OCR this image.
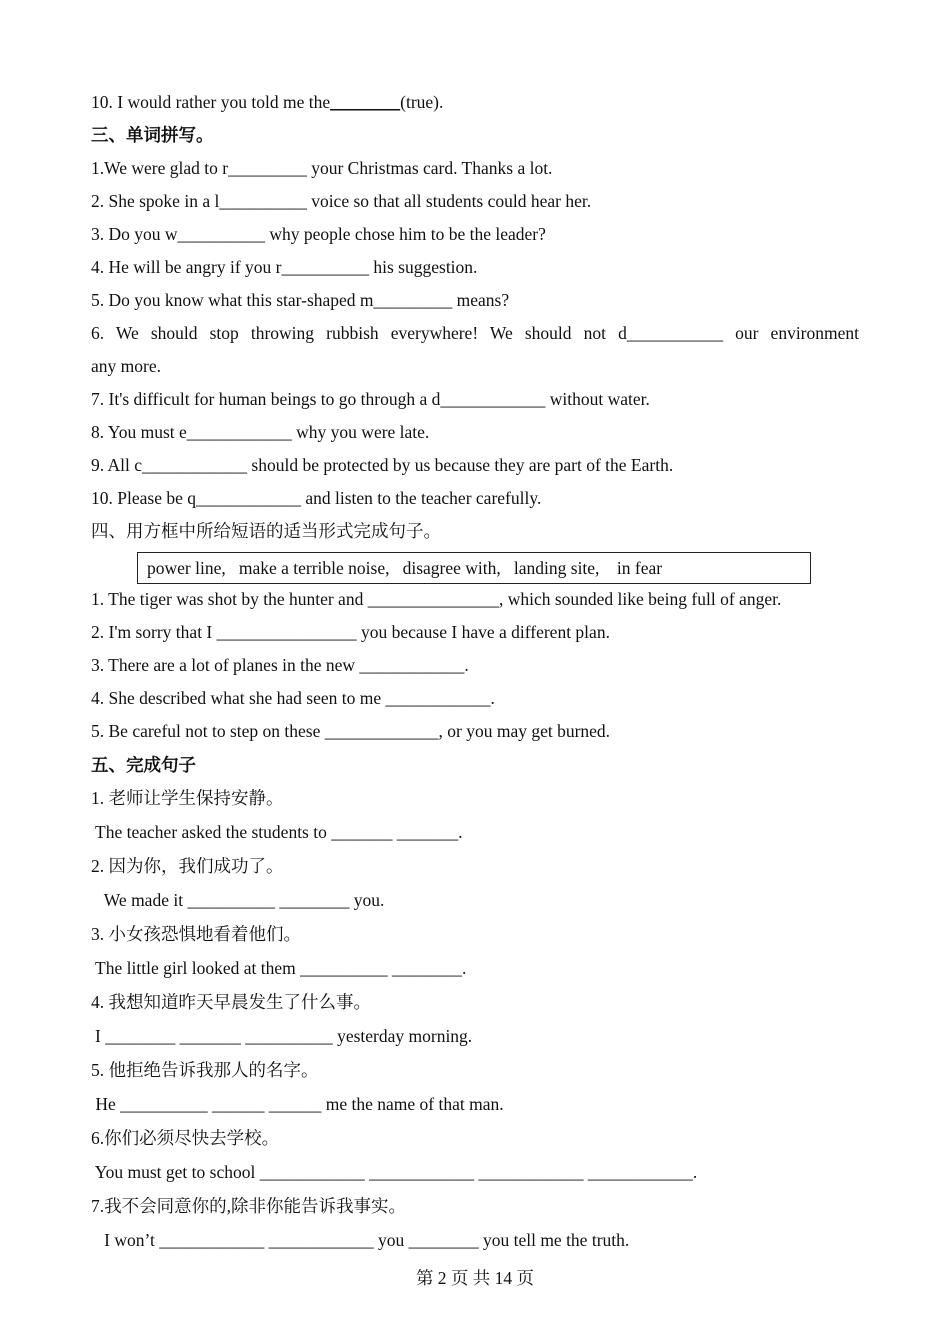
10. I would rather you told me the________(true).
三、单词拼写。
1.We were glad to r_________ your Christmas card. Thanks a lot.
2. She spoke in a l__________ voice so that all students could hear her.
3. Do you w__________ why people chose him to be the leader?
4. He will be angry if you r__________ his suggestion.
5. Do you know what this star-shaped m_________ means?
6. We should stop throwing rubbish everywhere! We should not d___________ our environment
any more.
7. It's difficult for human beings to go through a d____________ without water.
8. You must e____________ why you were late.
9. All c____________ should be protected by us because they are part of the Earth.
10. Please be q____________ and listen to the teacher carefully.
四、用方框中所给短语的适当形式完成句子。
power line,   make a terrible noise,   disagree with,   landing site,    in fear
1. The tiger was shot by the hunter and _______________, which sounded like being full of anger.
2. I'm sorry that I ________________ you because I have a different plan.
3. There are a lot of planes in the new ____________.
4. She described what she had seen to me ____________.
5. Be careful not to step on these _____________, or you may get burned.
五、完成句子
1. 老师让学生保持安静。
The teacher asked the students to _______ _______.
2. 因为你，我们成功了。
We made it __________ ________ you.
3. 小女孩恐惧地看着他们。
The little girl looked at them __________ ________.
4. 我想知道昨天早晨发生了什么事。
I ________ _______ __________ yesterday morning.
5. 他拒绝告诉我那人的名字。
He __________ ______ ______ me the name of that man.
6.你们必须尽快去学校。
You must get to school ____________ ____________ ____________ ____________.
7.我不会同意你的,除非你能告诉我事实。
I won’t ____________ ____________ you ________ you tell me the truth.
第 2 页 共 14 页
